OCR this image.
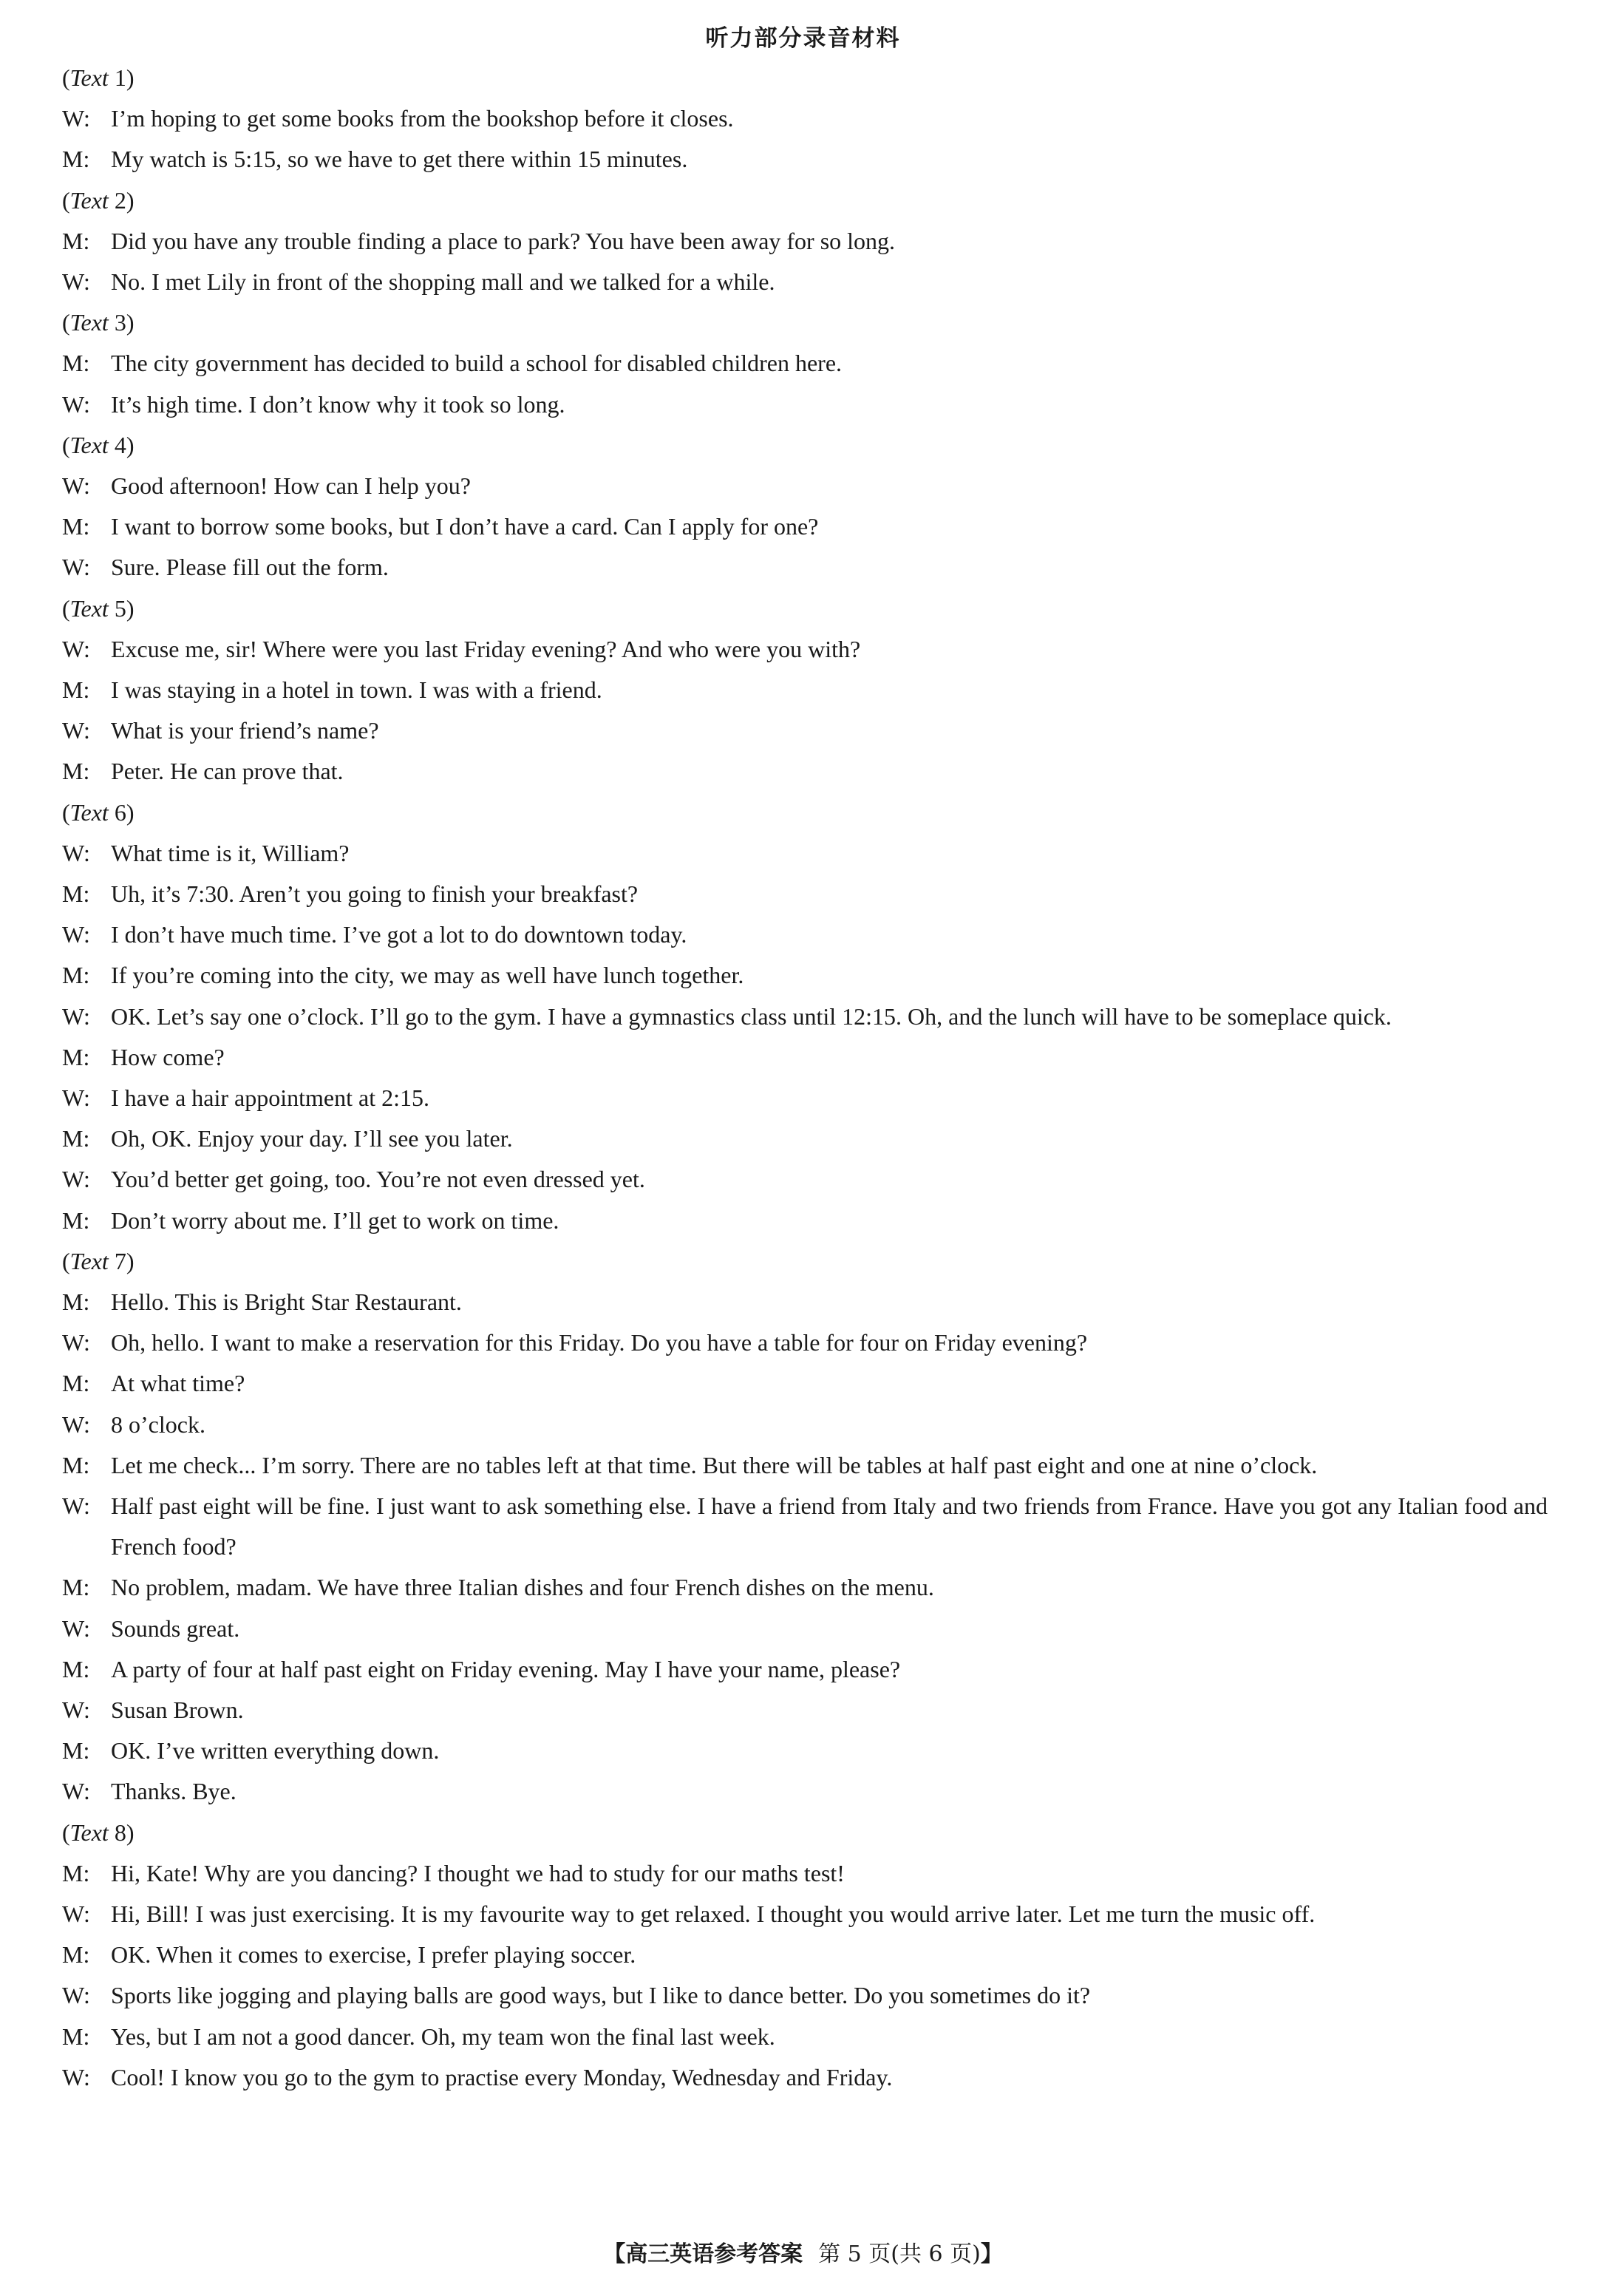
听力部分录音材料
(Text 1)
W: I’m hoping to get some books from the bookshop before it closes.
M: My watch is 5:15, so we have to get there within 15 minutes.
(Text 2)
M: Did you have any trouble finding a place to park? You have been away for so long.
W: No. I met Lily in front of the shopping mall and we talked for a while.
(Text 3)
M: The city government has decided to build a school for disabled children here.
W: It’s high time. I don’t know why it took so long.
(Text 4)
W: Good afternoon! How can I help you?
M: I want to borrow some books, but I don’t have a card. Can I apply for one?
W: Sure. Please fill out the form.
(Text 5)
W: Excuse me, sir! Where were you last Friday evening? And who were you with?
M: I was staying in a hotel in town. I was with a friend.
W: What is your friend’s name?
M: Peter. He can prove that.
(Text 6)
W: What time is it, William?
M: Uh, it’s 7:30. Aren’t you going to finish your breakfast?
W: I don’t have much time. I’ve got a lot to do downtown today.
M: If you’re coming into the city, we may as well have lunch together.
W: OK. Let’s say one o’clock. I’ll go to the gym. I have a gymnastics class until 12:15. Oh, and the lunch will have to be someplace quick.
M: How come?
W: I have a hair appointment at 2:15.
M: Oh, OK. Enjoy your day. I’ll see you later.
W: You’d better get going, too. You’re not even dressed yet.
M: Don’t worry about me. I’ll get to work on time.
(Text 7)
M: Hello. This is Bright Star Restaurant.
W: Oh, hello. I want to make a reservation for this Friday. Do you have a table for four on Friday evening?
M: At what time?
W: 8 o’clock.
M: Let me check... I’m sorry. There are no tables left at that time. But there will be tables at half past eight and one at nine o’clock.
W: Half past eight will be fine. I just want to ask something else. I have a friend from Italy and two friends from France. Have you got any Italian food and French food?
M: No problem, madam. We have three Italian dishes and four French dishes on the menu.
W: Sounds great.
M: A party of four at half past eight on Friday evening. May I have your name, please?
W: Susan Brown.
M: OK. I’ve written everything down.
W: Thanks. Bye.
(Text 8)
M: Hi, Kate! Why are you dancing? I thought we had to study for our maths test!
W: Hi, Bill! I was just exercising. It is my favourite way to get relaxed. I thought you would arrive later. Let me turn the music off.
M: OK. When it comes to exercise, I prefer playing soccer.
W: Sports like jogging and playing balls are good ways, but I like to dance better. Do you sometimes do it?
M: Yes, but I am not a good dancer. Oh, my team won the final last week.
W: Cool! I know you go to the gym to practise every Monday, Wednesday and Friday.
【高三英语参考答案 第 5 页(共 6 页)】
